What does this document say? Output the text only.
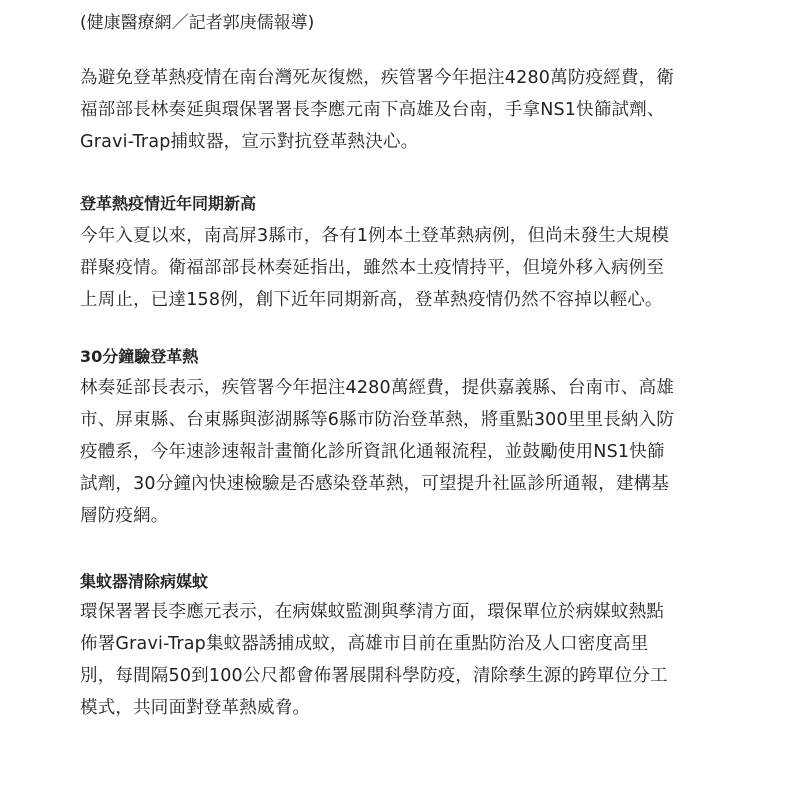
(健康醫療網／記者郭庚儒報導)
為避免登革熱疫情在南台灣死灰復燃，疾管署今年挹注4280萬防疫經費，衛
福部部長林奏延與環保署署長李應元南下高雄及台南，手拿NS1快篩試劑、
Gravi-Trap捕蚊器，宣示對抗登革熱決心。
登革熱疫情近年同期新高
今年入夏以來，南高屏3縣市，各有1例本土登革熱病例，但尚未發生大規模
群聚疫情。衛福部部長林奏延指出，雖然本土疫情持平，但境外移入病例至
上周止，已達158例，創下近年同期新高，登革熱疫情仍然不容掉以輕心。
30分鐘驗登革熱
林奏延部長表示，疾管署今年挹注4280萬經費，提供嘉義縣、台南市、高雄
市、屏東縣、台東縣與澎湖縣等6縣市防治登革熱，將重點300里里長納入防
疫體系，今年速診速報計畫簡化診所資訊化通報流程，並鼓勵使用NS1快篩
試劑，30分鐘內快速檢驗是否感染登革熱，可望提升社區診所通報，建構基
層防疫網。
集蚊器清除病媒蚊
環保署署長李應元表示，在病媒蚊監測與孳清方面，環保單位於病媒蚊熱點
佈署Gravi-Trap集蚊器誘捕成蚊，高雄市目前在重點防治及人口密度高里
別，每間隔50到100公尺都會佈署展開科學防疫，清除孳生源的跨單位分工
模式，共同面對登革熱威脅。
